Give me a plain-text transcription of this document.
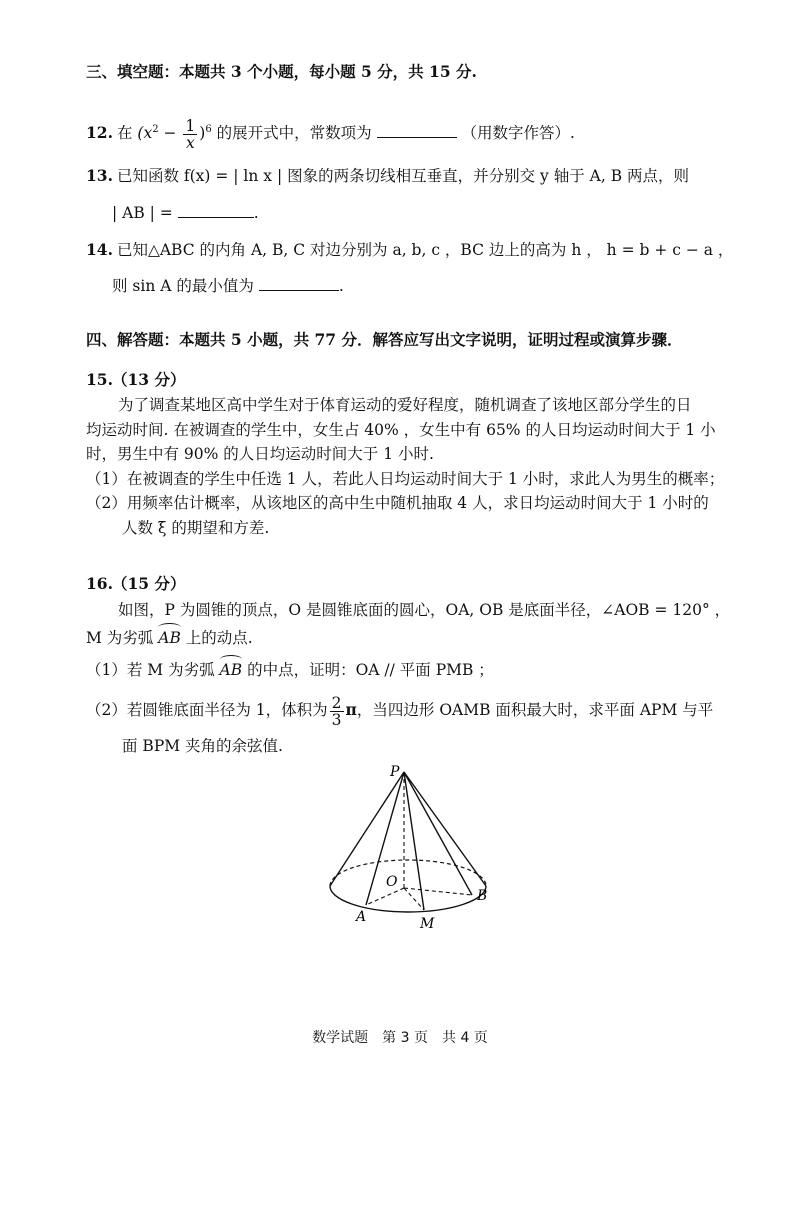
三、填空题：本题共 3 个小题，每小题 5 分，共 15 分.
12. 在 $(x^2 - \frac{1}{x} )^6$ 的展开式中，常数项为	（用数字作答）.
13. 已知函数 f(x) = | ln x | 图象的两条切线相互垂直，并分别交 y 轴于 A, B 两点，则
| AB | =	.
14. 已知△ABC 的内角 A, B, C 对边分别为 a, b, c ，BC 边上的高为 h ， h = b + c − a ，
则 sin A 的最小值为	.
四、解答题：本题共 5 小题，共 77 分．解答应写出文字说明，证明过程或演算步骤．
15.（13 分）
为了调查某地区高中学生对于体育运动的爱好程度，随机调查了该地区部分学生的日
均运动时间. 在被调查的学生中，女生占 40% ，女生中有 65% 的人日均运动时间大于 1 小
时，男生中有 90% 的人日均运动时间大于 1 小时.
（1）在被调查的学生中任选 1 人，若此人日均运动时间大于 1 小时，求此人为男生的概率；
（2）用频率估计概率，从该地区的高中生中随机抽取 4 人，求日均运动时间大于 1 小时的
人数 ξ 的期望和方差.
16.（15 分）
如图，P 为圆锥的顶点，O 是圆锥底面的圆心，OA, OB 是底面半径，∠AOB = 120° ，
M 为劣弧 AB 上的动点.
（1）若 M 为劣弧 AB 的中点，证明：OA // 平面 PMB ；
（2）若圆锥底面半径为 1，体积为 $\frac{2}{3}$ π，当四边形 OAMB 面积最大时，求平面 APM 与平
面 BPM 夹角的余弦值.
P
O
A	M
B
数学试题　第 3 页　共 4 页
